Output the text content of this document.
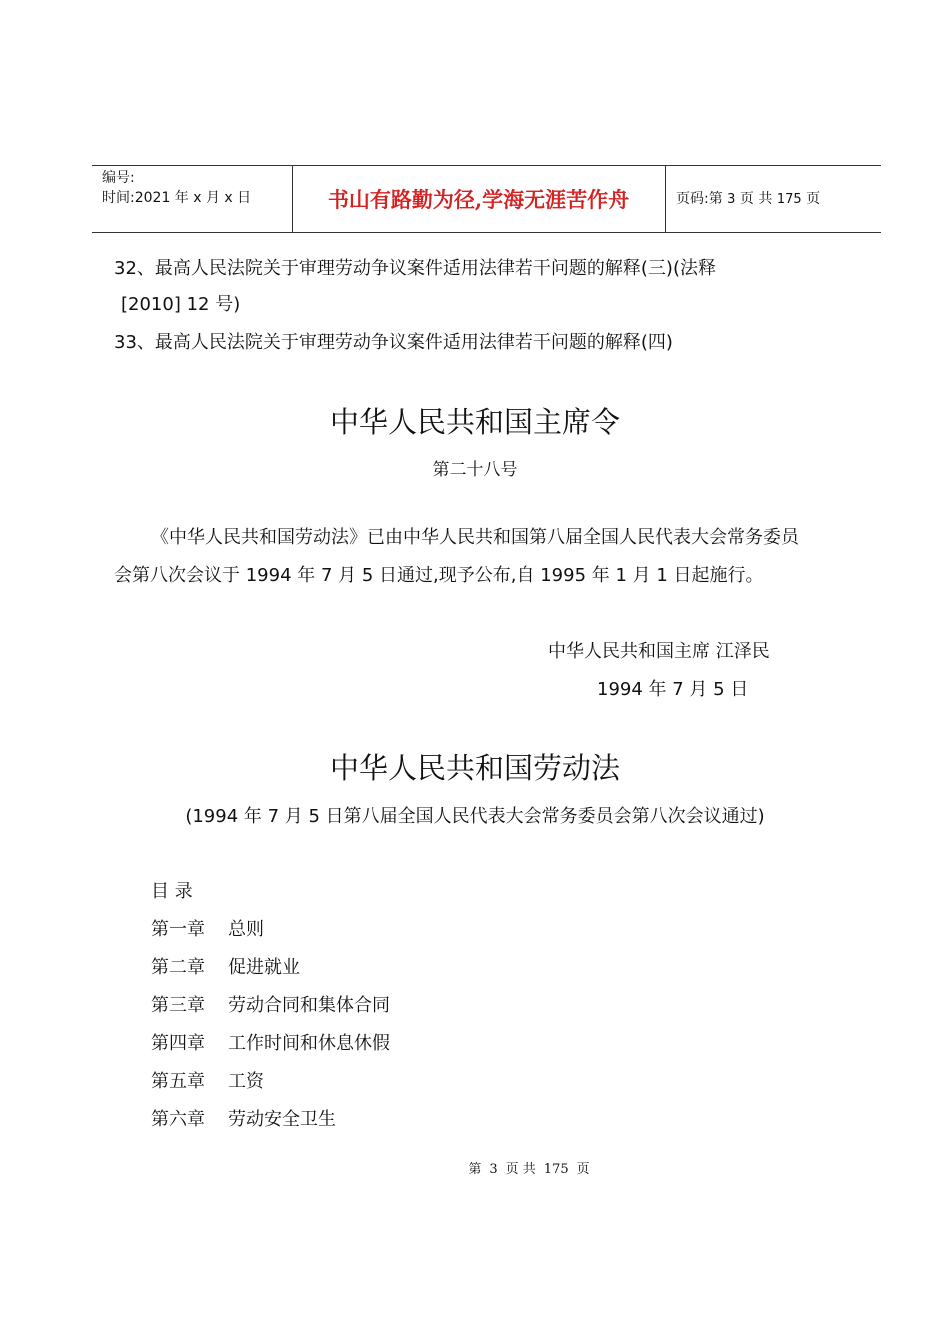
编号:
时间:2021 年 x 月 x 日	书山有路勤为径,学海无涯苦作舟	页码:第 3 页 共 175 页
32、最高人民法院关于审理劳动争议案件适用法律若干问题的解释(三)(法释
[2010] 12 号)
33、最高人民法院关于审理劳动争议案件适用法律若干问题的解释(四)
中华人民共和国主席令
第二十八号
《中华人民共和国劳动法》已由中华人民共和国第八届全国人民代表大会常务委员
会第八次会议于 1994 年 7 月 5 日通过,现予公布,自 1995 年 1 月 1 日起施行。
中华人民共和国主席 江泽民
1994 年 7 月 5 日
中华人民共和国劳动法
(1994 年 7 月 5 日第八届全国人民代表大会常务委员会第八次会议通过)
目 录
第一章 总则
第二章 促进就业
第三章 劳动合同和集体合同
第四章 工作时间和休息休假
第五章 工资
第六章 劳动安全卫生
第 3 页 共 175 页
